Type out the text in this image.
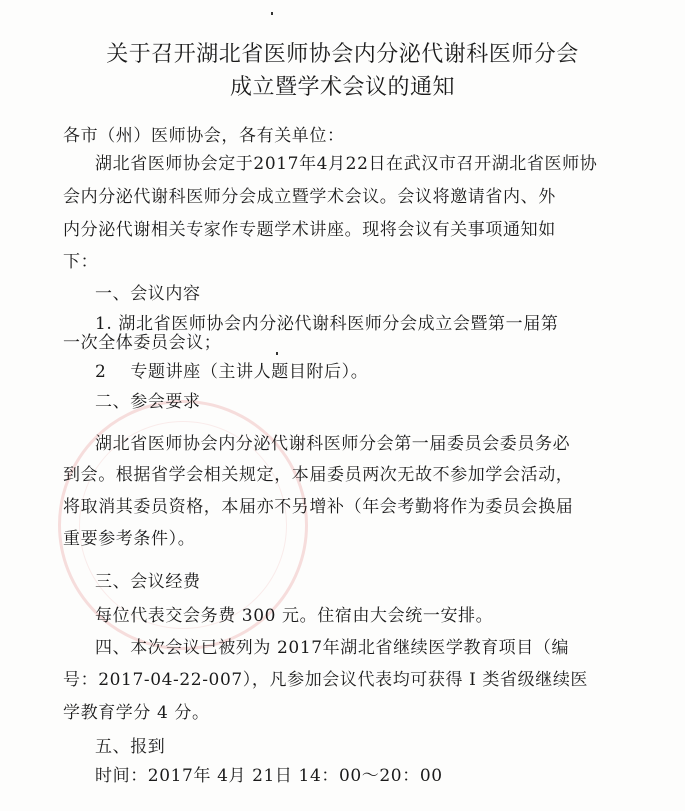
关于召开湖北省医师协会内分泌代谢科医师分会
成立暨学术会议的通知
各市（州）医师协会，各有关单位：
湖北省医师协会定于2017年4月22日在武汉市召开湖北省医师协
会内分泌代谢科医师分会成立暨学术会议。会议将邀请省内、外
内分泌代谢相关专家作专题学术讲座。现将会议有关事项通知如
下：
一、会议内容
1. 湖北省医师协会内分泌代谢科医师分会成立会暨第一届第
一次全体委员会议；
2    专题讲座（主讲人题目附后）。
二、参会要求
湖北省医师协会内分泌代谢科医师分会第一届委员会委员务必
到会。根据省学会相关规定，本届委员两次无故不参加学会活动，
将取消其委员资格，本届亦不另增补（年会考勤将作为委员会换届
重要参考条件）。
三、会议经费
每位代表交会务费 300 元。住宿由大会统一安排。
四、本次会议已被列为 2017年湖北省继续医学教育项目（编
号：2017-04-22-007），凡参加会议代表均可获得 I 类省级继续医
学教育学分 4 分。
五、报到
时间：2017年 4月 21日 14：00～20：00
